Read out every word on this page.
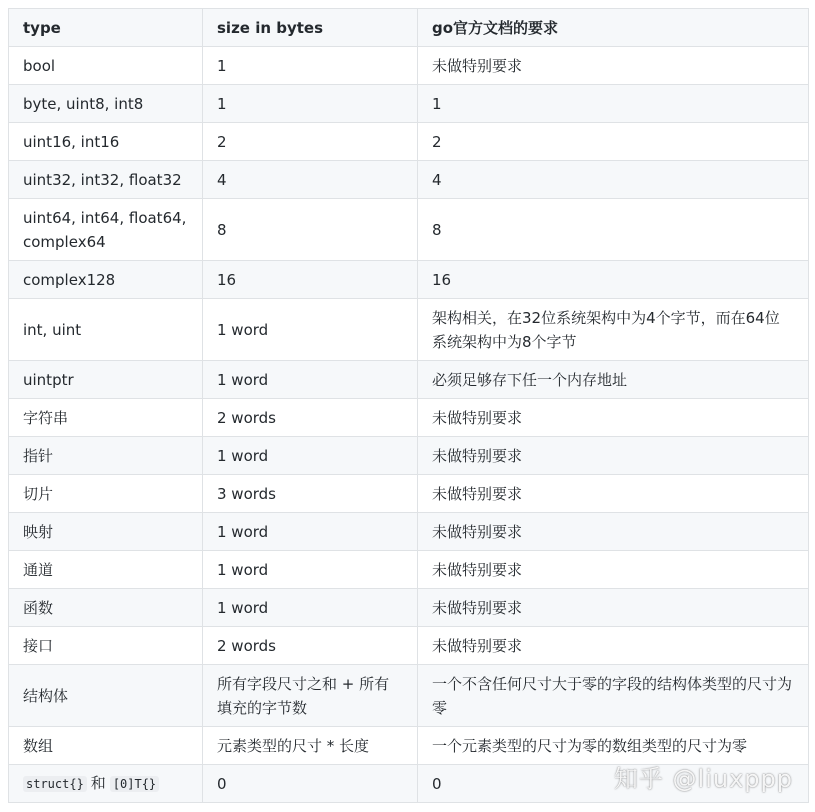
type	size in bytes	go官方文档的要求
bool	1	未做特别要求
byte, uint8, int8	1	1
uint16, int16	2	2
uint32, int32, float32	4	4
uint64, int64, float64, complex64	8	8
complex128	16	16
int, uint	1 word	架构相关，在32位系统架构中为4个字节，而在64位系统架构中为8个字节
uintptr	1 word	必须足够存下任一个内存地址
字符串	2 words	未做特别要求
指针	1 word	未做特别要求
切片	3 words	未做特别要求
映射	1 word	未做特别要求
通道	1 word	未做特别要求
函数	1 word	未做特别要求
接口	2 words	未做特别要求
结构体	所有字段尺寸之和 + 所有填充的字节数	一个不含任何尺寸大于零的字段的结构体类型的尺寸为零
数组	元素类型的尺寸 * 长度	一个元素类型的尺寸为零的数组类型的尺寸为零
struct{} 和 [0]T{}	0	0	知乎 @liuxppp
